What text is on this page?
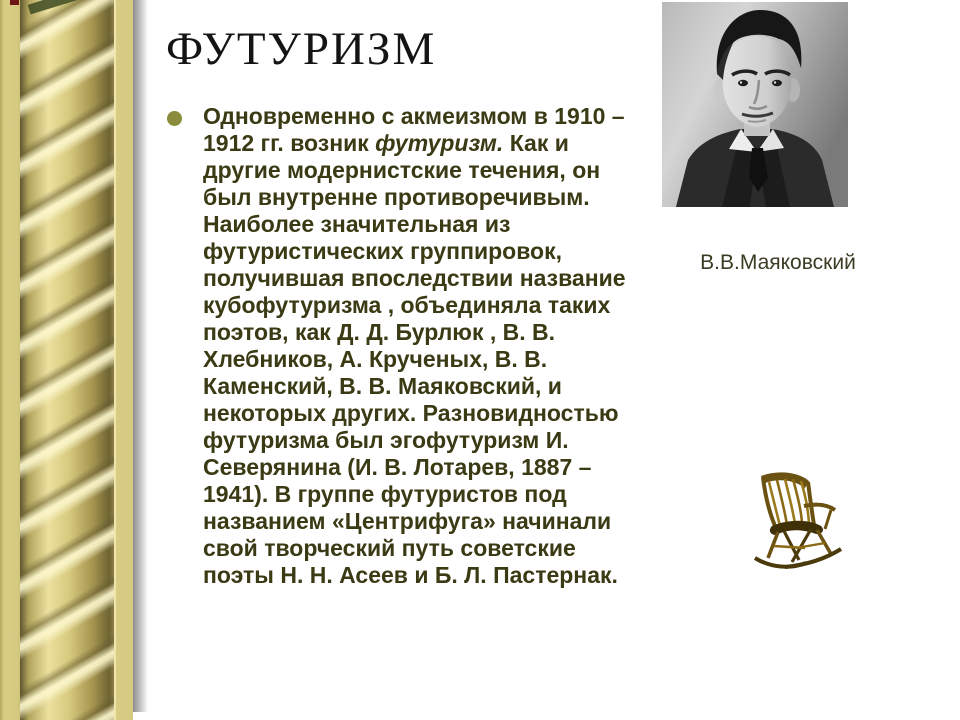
ФУТУРИЗМ
Одновременно с акмеизмом в 1910 – 1912 гг. возник футуризм. Как и другие модернистские течения, он был внутренне противоречивым. Наиболее значительная из футуристических группировок, получившая впоследствии название кубофутуризма , объединяла таких поэтов, как Д. Д. Бурлюк , В. В. Хлебников, А. Крученых, В. В. Каменский, В. В. Маяковский, и некоторых других. Разновидностью футуризма был эгофутуризм И. Северянина (И. В. Лотарев, 1887 – 1941). В группе футуристов под названием «Центрифуга» начинали свой творческий путь советские поэты Н. Н. Асеев и Б. Л. Пастернак.
В.В.Маяковский
